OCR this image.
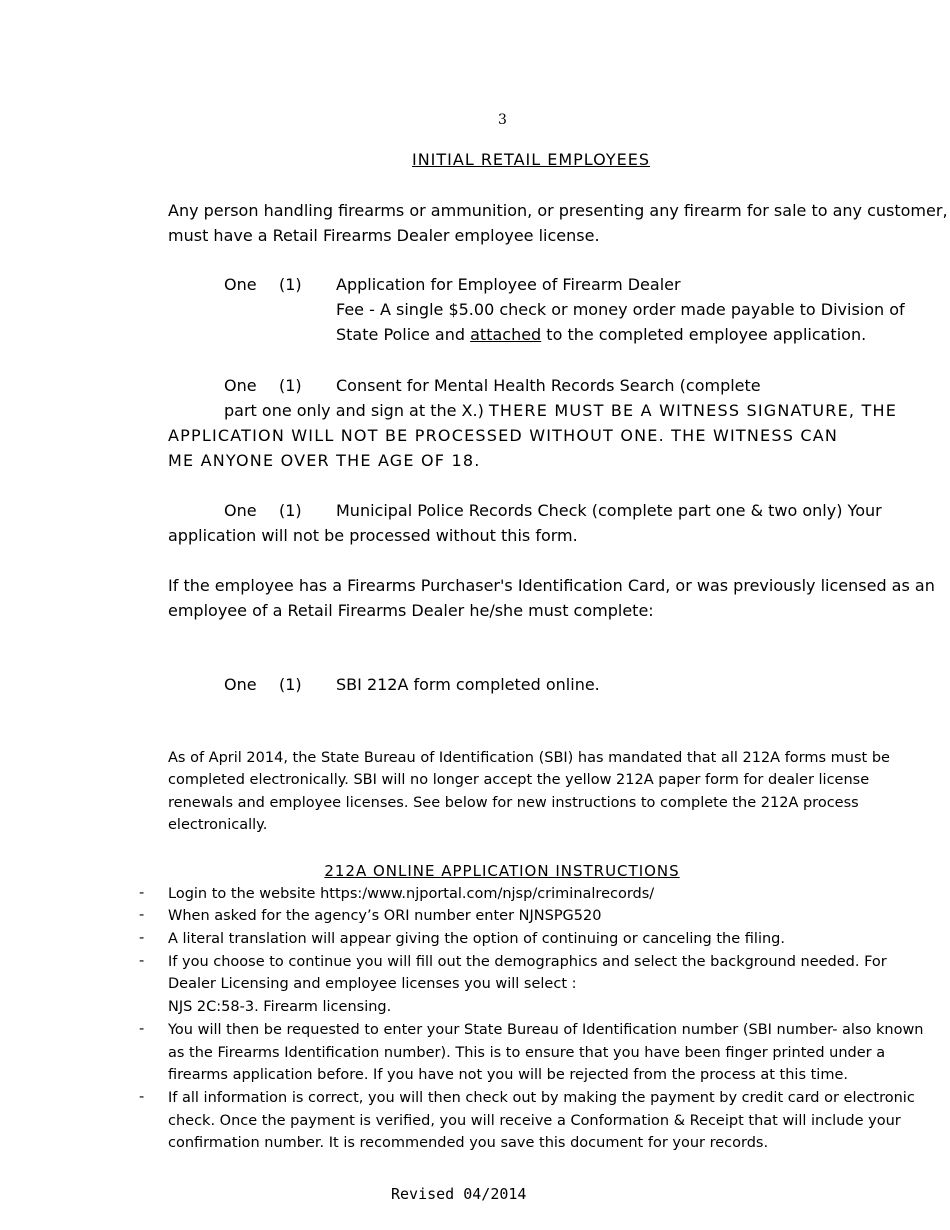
3
INITIAL RETAIL EMPLOYEES
Any person handling firearms or ammunition, or presenting any firearm for sale to any customer,
must have a Retail Firearms Dealer employee license.
One (1) Application for Employee of Firearm Dealer
Fee - A single $5.00 check or money order made payable to Division of
State Police and attached to the completed employee application.
One (1) Consent for Mental Health Records Search (complete
part one only and sign at the X.) THERE MUST BE A WITNESS SIGNATURE, THE
APPLICATION WILL NOT BE PROCESSED WITHOUT ONE. THE WITNESS CAN
ME ANYONE OVER THE AGE OF 18.
One (1) Municipal Police Records Check (complete part one & two only) Your
application will not be processed without this form.
If the employee has a Firearms Purchaser's Identification Card, or was previously licensed as an
employee of a Retail Firearms Dealer he/she must complete:
One (1) SBI 212A form completed online.
As of April 2014, the State Bureau of Identification (SBI) has mandated that all 212A forms must be
completed electronically. SBI will no longer accept the yellow 212A paper form for dealer license
renewals and employee licenses. See below for new instructions to complete the 212A process
electronically.
212A ONLINE APPLICATION INSTRUCTIONS
- Login to the website https:/www.njportal.com/njsp/criminalrecords/
- When asked for the agency’s ORI number enter NJNSPG520
- A literal translation will appear giving the option of continuing or canceling the filing.
- If you choose to continue you will fill out the demographics and select the background needed. For
Dealer Licensing and employee licenses you will select :
NJS 2C:58-3. Firearm licensing.
- You will then be requested to enter your State Bureau of Identification number (SBI number- also known
as the Firearms Identification number). This is to ensure that you have been finger printed under a
firearms application before. If you have not you will be rejected from the process at this time.
- If all information is correct, you will then check out by making the payment by credit card or electronic
check. Once the payment is verified, you will receive a Conformation & Receipt that will include your
confirmation number. It is recommended you save this document for your records.
Revised 04/2014
